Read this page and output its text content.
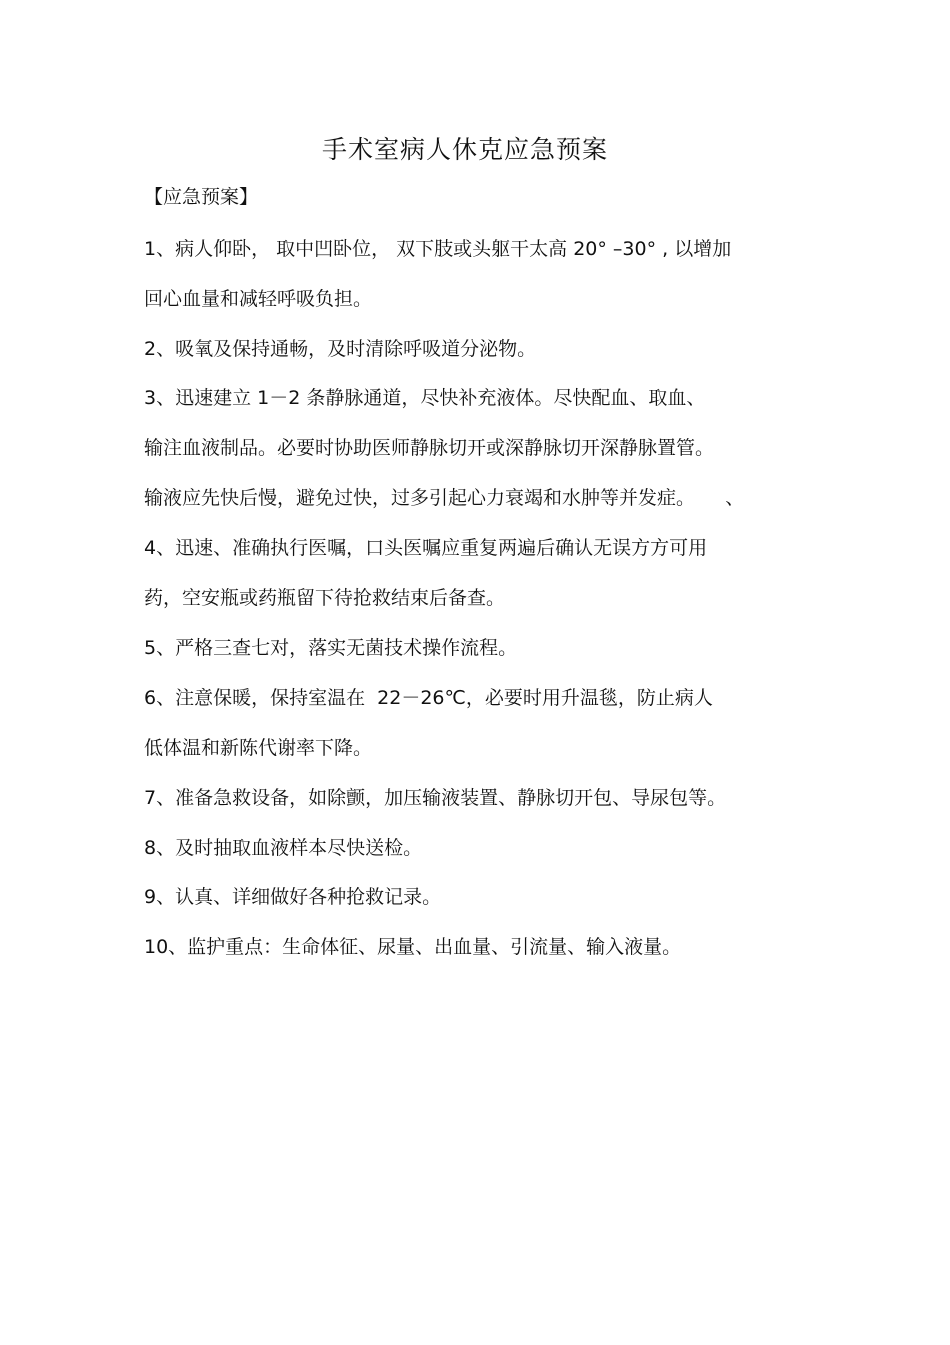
手术室病人休克应急预案
【应急预案】
1、病人仰卧， 取中凹卧位， 双下肢或头躯干太高 20° –30° , 以增加
回心血量和减轻呼吸负担。
2、吸氧及保持通畅，及时清除呼吸道分泌物。
3、迅速建立 1－2 条静脉通道，尽快补充液体。尽快配血、取血、
输注血液制品。必要时协助医师静脉切开或深静脉切开深静脉置管。
输液应先快后慢，避免过快，过多引起心力衰竭和水肿等并发症。     、
4、迅速、准确执行医嘱，口头医嘱应重复两遍后确认无误方方可用
药，空安瓶或药瓶留下待抢救结束后备查。
5、严格三查七对，落实无菌技术操作流程。
6、注意保暖，保持室温在  22－26℃，必要时用升温毯，防止病人
低体温和新陈代谢率下降。
7、准备急救设备，如除颤，加压输液装置、静脉切开包、导尿包等。
8、及时抽取血液样本尽快送检。
9、认真、详细做好各种抢救记录。
10、监护重点：生命体征、尿量、出血量、引流量、输入液量。
